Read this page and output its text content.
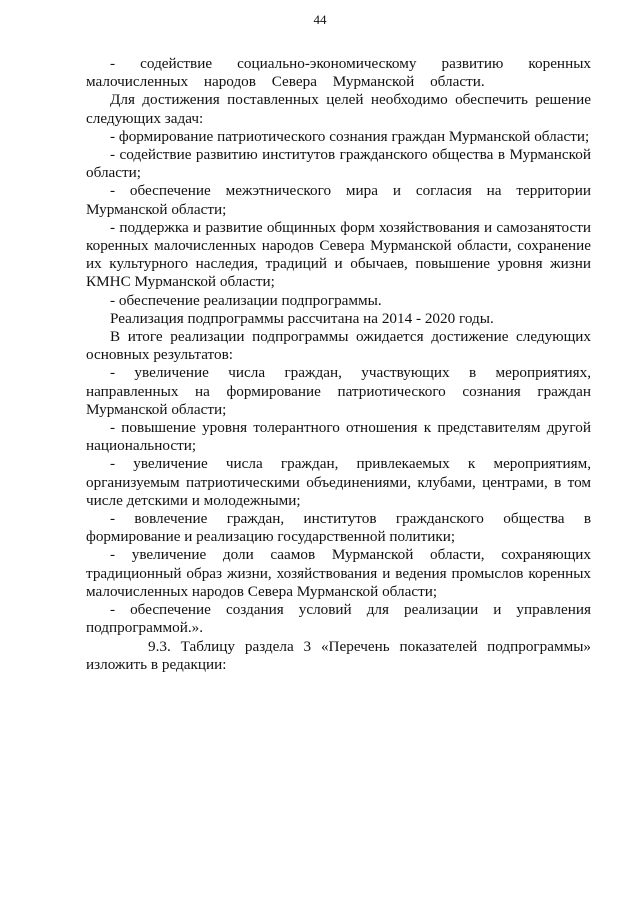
44

- содействие социально-экономическому развитию коренных малочисленных народов Севера Мурманской области.

Для достижения поставленных целей необходимо обеспечить решение следующих задач:

- формирование патриотического сознания граждан Мурманской области;

- содействие развитию институтов гражданского общества в Мурманской области;

- обеспечение межэтнического мира и согласия на территории Мурманской области;

- поддержка и развитие общинных форм хозяйствования и самозанятости коренных малочисленных народов Севера Мурманской области, сохранение их культурного наследия, традиций и обычаев, повышение уровня жизни КМНС Мурманской области;

- обеспечение реализации подпрограммы.

Реализация подпрограммы рассчитана на 2014 - 2020 годы.

В итоге реализации подпрограммы ожидается достижение следующих основных результатов:

- увеличение числа граждан, участвующих в мероприятиях, направленных на формирование патриотического сознания граждан Мурманской области;

- повышение уровня толерантного отношения к представителям другой национальности;

- увеличение числа граждан, привлекаемых к мероприятиям, организуемым патриотическими объединениями, клубами, центрами, в том числе детскими и молодежными;

- вовлечение граждан, институтов гражданского общества в формирование и реализацию государственной политики;

- увеличение доли саамов Мурманской области, сохраняющих традиционный образ жизни, хозяйствования и ведения промыслов коренных малочисленных народов Севера Мурманской области;

- обеспечение создания условий для реализации и управления подпрограммой.».

9.3. Таблицу раздела 3 «Перечень показателей подпрограммы» изложить в редакции:
